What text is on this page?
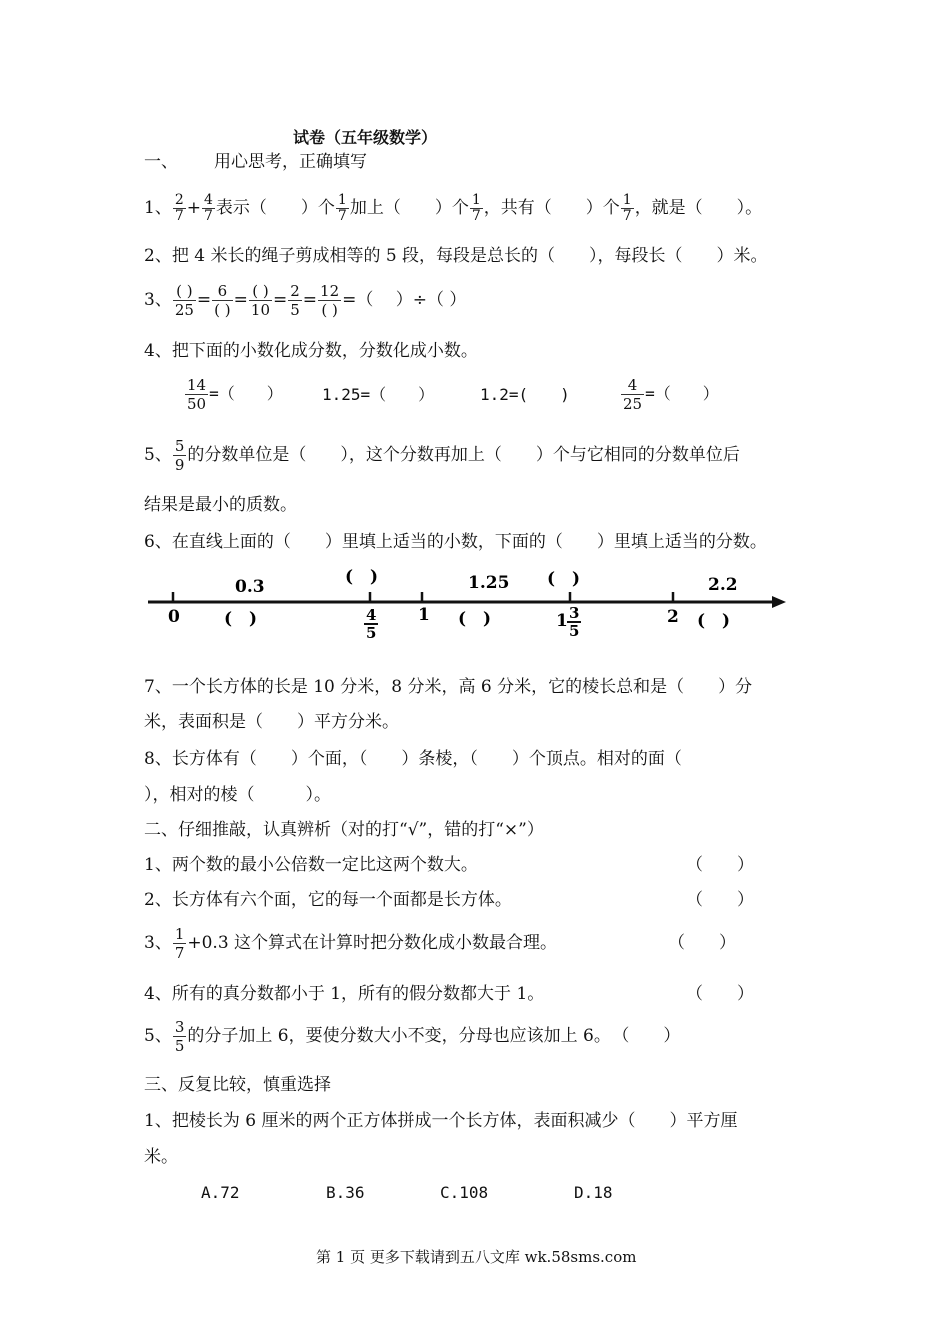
试卷（五年级数学）
一、 用心思考，正确填写
1、 $\frac{2}{7} + \frac{4}{7}$ 表示（　　）个 $\frac{1}{7}$ 加上（　　）个 $\frac{1}{7}$ ，共有（　　）个 $\frac{1}{7}$ ，就是（　　）。
2、把 4 米长的绳子剪成相等的 5 段，每段是总长的（　　），每段长（　　）米。
3、 $\frac{( )}{25} = \frac{6}{( )} = \frac{( )}{10} = \frac{2}{5} = \frac{12}{( )}$ =（　 ）÷（ ）
4、把下面的小数化成分数，分数化成小数。
$\frac{14}{50}$ =（　　） 1.25=（　　）	1.2=(　　)	$\frac{4}{25}$ =（　　）
5、 $\frac{5}{9}$ 的分数单位是（　　），这个分数再加上（　　）个与它相同的分数单位后
结果是最小的质数。
6、在直线上面的（　　）里填上适当的小数，下面的（　　）里填上适当的分数。
0.3	(　)	1.25 (　)	2.2
0	(　)	4
5
1 (　)	1 3
5
2 (　)
7、一个长方体的长是 10 分米，8 分米，高 6 分米，它的棱长总和是（　　）分
米，表面积是（　　）平方分米。
8、长方体有（　　）个面，（　　）条棱，（　　）个顶点。相对的面（
），相对的棱（　　　）。
二、仔细推敲，认真辨析（对的打“√”，错的打“×”）
1、两个数的最小公倍数一定比这两个数大。	（　　）
2、长方体有六个面，它的每一个面都是长方体。	（　　）
3、 $\frac{1}{7} +0.3$ 这个算式在计算时把分数化成小数最合理。	（　　）
4、所有的真分数都小于 1，所有的假分数都大于 1。	（　　）
5、 $\frac{3}{5}$ 的分子加上 6，要使分数大小不变，分母也应该加上 6。 （　　）
三、反复比较，慎重选择
1、把棱长为 6 厘米的两个正方体拼成一个长方体，表面积减少（　　）平方厘
米。
A.72	B.36	C.108	D.18
第 1 页 更多下载请到五八文库 wk.58sms.com
